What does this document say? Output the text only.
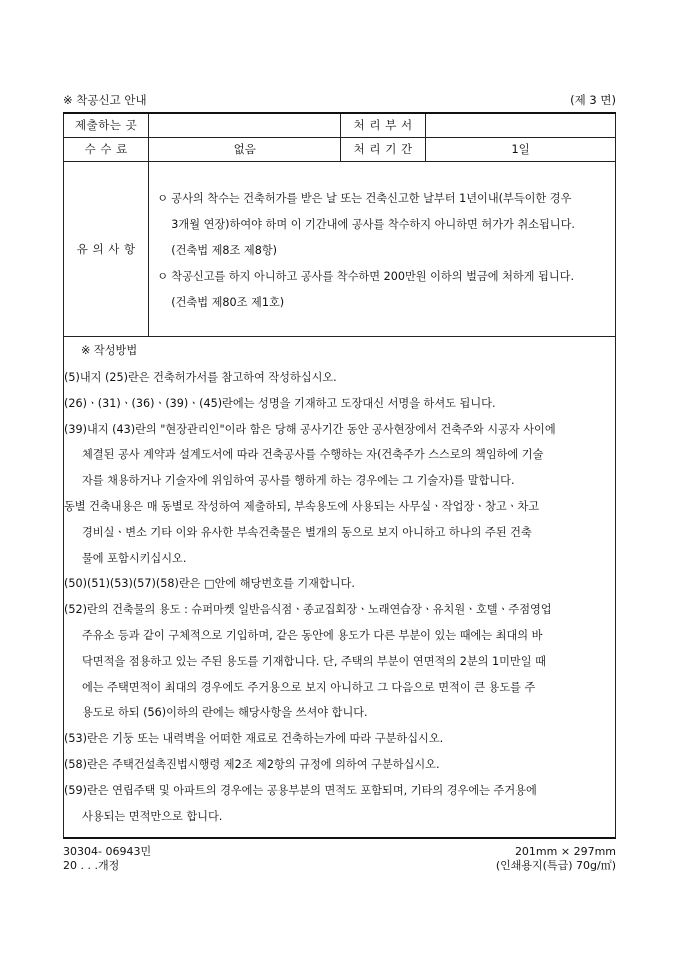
※ 착공신고 안내	(제 3 면)
제출하는 곳		처 리 부 서	
수 수 료	없음	처 리 기 간	1일
유 의 사 항	ㅇ 공사의 착수는 건축허가를 받은 날 또는 건축신고한 날부터 1년이내(부득이한 경우
3개월 연장)하여야 하며 이 기간내에 공사를 착수하지 아니하면 허가가 취소됩니다.
(건축법 제8조 제8항)
ㅇ 착공신고를 하지 아니하고 공사를 착수하면 200만원 이하의 벌금에 처하게 됩니다.
(건축법 제80조 제1호)		
※ 작성방법
(5)내지 (25)란은 건축허가서를 참고하여 작성하십시오.
(26)ㆍ(31)ㆍ(36)ㆍ(39)ㆍ(45)란에는 성명을 기재하고 도장대신 서명을 하셔도 됩니다.
(39)내지 (43)란의 "현장관리인"이라 함은 당해 공사기간 동안 공사현장에서 건축주와 시공자 사이에
체결된 공사 계약과 설계도서에 따라 건축공사를 수행하는 자(건축주가 스스로의 책임하에 기술
자를 채용하거나 기술자에 위임하여 공사를 행하게 하는 경우에는 그 기술자)를 말합니다.
동별 건축내용은 매 동별로 작성하여 제출하되, 부속용도에 사용되는 사무실ㆍ작업장ㆍ창고ㆍ차고
경비실ㆍ변소 기타 이와 유사한 부속건축물은 별개의 동으로 보지 아니하고 하나의 주된 건축
물에 포함시키십시오.
(50)(51)(53)(57)(58)란은 □안에 해당번호를 기재합니다.
(52)란의 건축물의 용도 : 슈퍼마켓 일반음식점ㆍ종교집회장ㆍ노래연습장ㆍ유치원ㆍ호텔ㆍ주점영업
주유소 등과 같이 구체적으로 기입하며, 같은 동안에 용도가 다른 부분이 있는 때에는 최대의 바
닥면적을 점용하고 있는 주된 용도를 기재합니다. 단, 주택의 부분이 연면적의 2분의 1미만일 때
에는 주택면적이 최대의 경우에도 주거용으로 보지 아니하고 그 다음으로 면적이 큰 용도를 주
용도로 하되 (56)이하의 란에는 해당사항을 쓰셔야 합니다.
(53)란은 기둥 또는 내력벽을 어떠한 재료로 건축하는가에 따라 구분하십시오.
(58)란은 주택건설촉진법시행령 제2조 제2항의 규정에 의하여 구분하십시오.
(59)란은 연립주택 및 아파트의 경우에는 공용부분의 면적도 포함되며, 기타의 경우에는 주거용에
사용되는 면적만으로 합니다.
30304- 06943민
20 . . .개정
201mm × 297mm
(인쇄용지(특급) 70g/㎡)
